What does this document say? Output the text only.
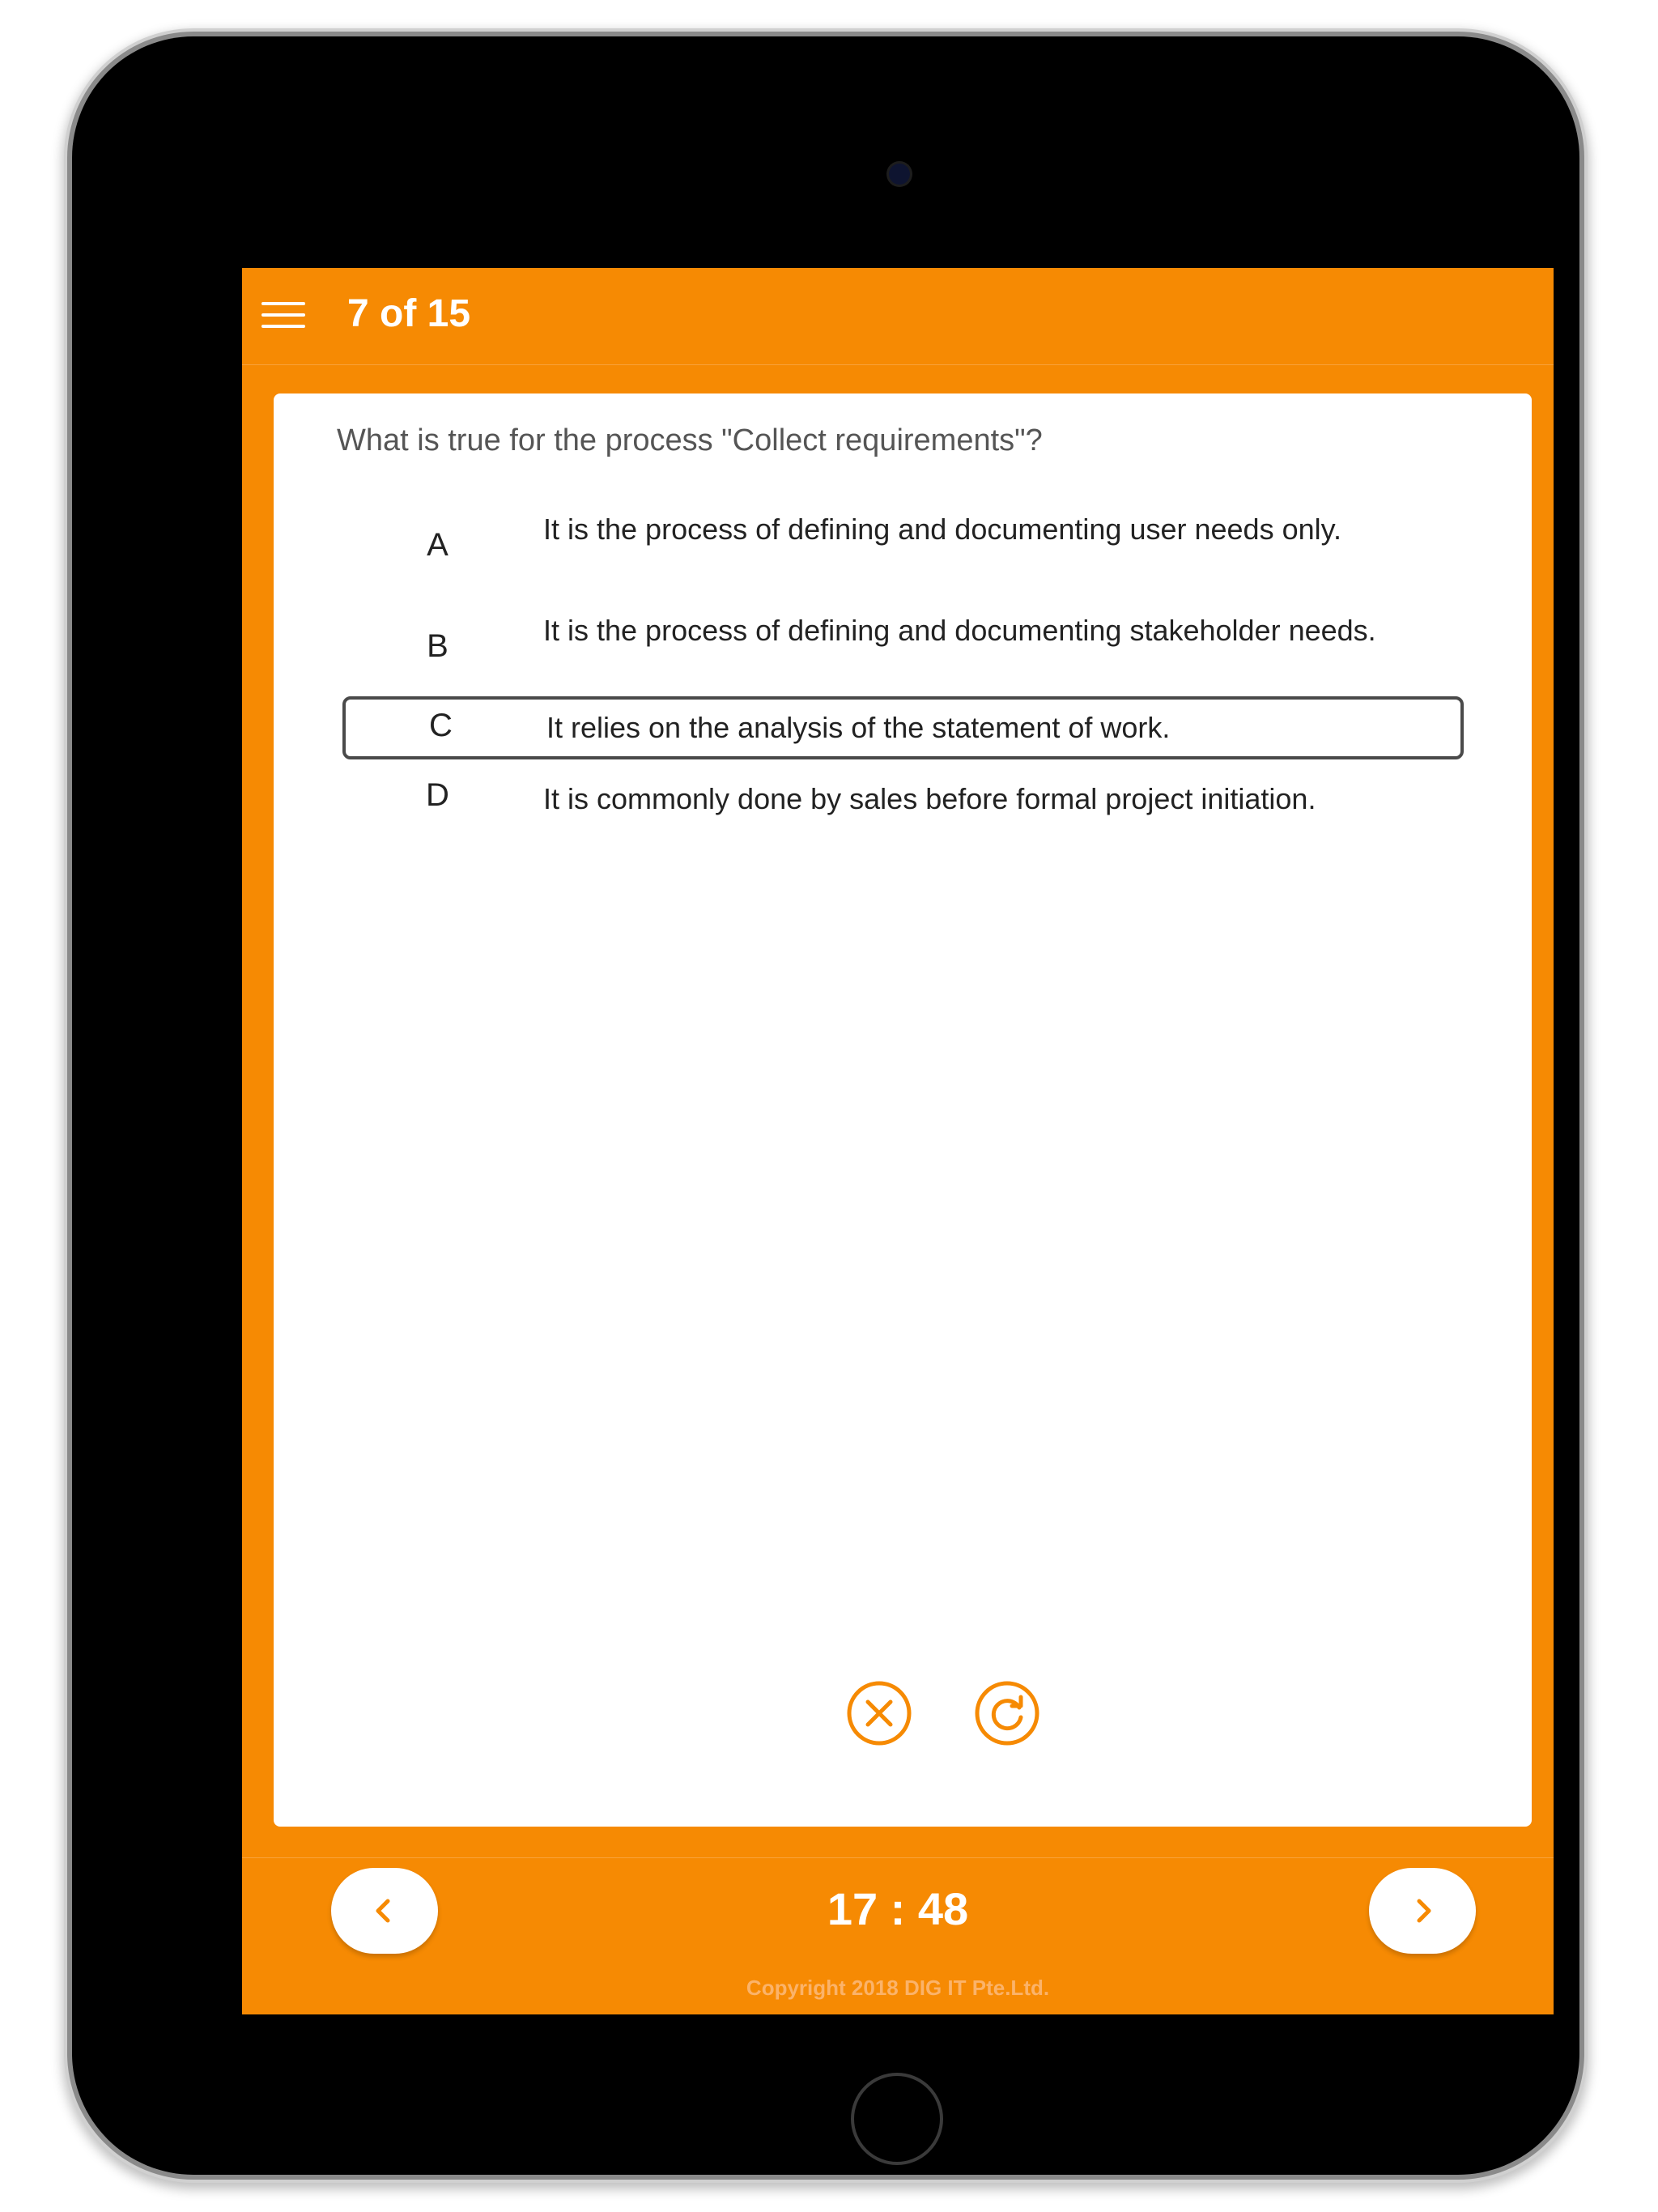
7 of 15
What is true for the process "Collect requirements"?
A	It is the process of defining and documenting user needs only.
B	It is the process of defining and documenting stakeholder needs.
C	It relies on the analysis of the statement of work.
D	It is commonly done by sales before formal project initiation.
17 : 48
Copyright 2018 DIG IT Pte.Ltd.
